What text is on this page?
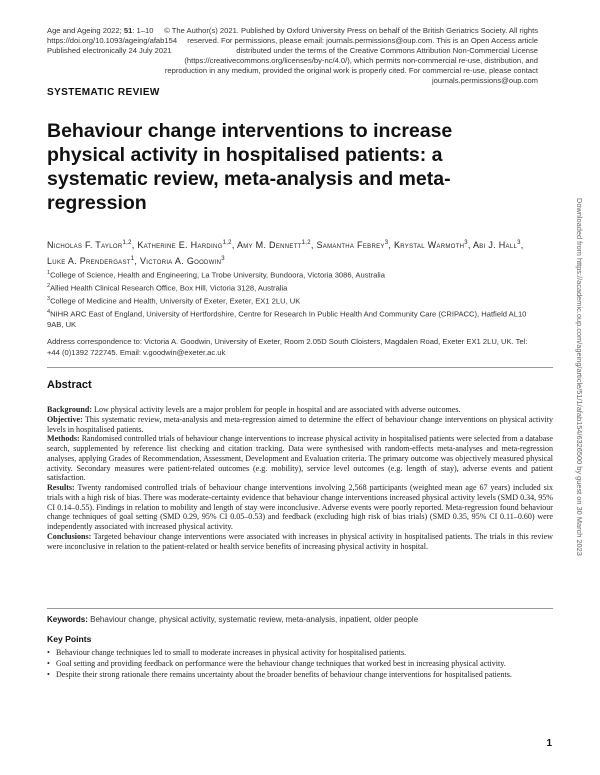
Age and Ageing 2022; 51: 1–10
https://doi.org/10.1093/ageing/afab154
Published electronically 24 July 2021
© The Author(s) 2021. Published by Oxford University Press on behalf of the British Geriatrics Society. All rights reserved. For permissions, please email: journals.permissions@oup.com. This is an Open Access article distributed under the terms of the Creative Commons Attribution Non-Commercial License (https://creativecommons.org/licenses/by-nc/4.0/), which permits non-commercial re-use, distribution, and reproduction in any medium, provided the original work is properly cited. For commercial re-use, please contact journals.permissions@oup.com
SYSTEMATIC REVIEW
Behaviour change interventions to increase physical activity in hospitalised patients: a systematic review, meta-analysis and meta-regression
Nicholas F. Taylor$^{1,2}$, Katherine E. Harding$^{1,2}$, Amy M. Dennett$^{1,2}$, Samantha Febrey$^3$, Krystal Warmoth$^3$, Abi J. Hall$^3$, Luke A. Prendergast$^1$, Victoria A. Goodwin$^3$
$^1$College of Science, Health and Engineering, La Trobe University, Bundoora, Victoria 3086, Australia
$^2$Allied Health Clinical Research Office, Box Hill, Victoria 3128, Australia
$^3$College of Medicine and Health, University of Exeter, Exeter, EX1 2LU, UK
$^4$NIHR ARC East of England, University of Hertfordshire, Centre for Research In Public Health And Community Care (CRIPACC), Hatfield AL10 9AB, UK
Address correspondence to: Victoria A. Goodwin, University of Exeter, Room 2.05D South Cloisters, Magdalen Road, Exeter EX1 2LU, UK. Tel: +44 (0)1392 722745. Email: v.goodwin@exeter.ac.uk
Abstract

Background: Low physical activity levels are a major problem for people in hospital and are associated with adverse outcomes.

Objective: This systematic review, meta-analysis and meta-regression aimed to determine the effect of behaviour change interventions on physical activity levels in hospitalised patients.

Methods: Randomised controlled trials of behaviour change interventions to increase physical activity in hospitalised patients were selected from a database search, supplemented by reference list checking and citation tracking. Data were synthesised with random-effects meta-analyses and meta-regression analyses, applying Grades of Recommendation, Assessment, Development and Evaluation criteria. The primary outcome was objectively measured physical activity. Secondary measures were patient-related outcomes (e.g. mobility), service level outcomes (e.g. length of stay), adverse events and patient satisfaction.

Results: Twenty randomised controlled trials of behaviour change interventions involving 2,568 participants (weighted mean age 67 years) included six trials with a high risk of bias. There was moderate-certainty evidence that behaviour change interventions increased physical activity levels (SMD 0.34, 95% CI 0.14–0.55). Findings in relation to mobility and length of stay were inconclusive. Adverse events were poorly reported. Meta-regression found behaviour change techniques of goal setting (SMD 0.29, 95% CI 0.05–0.53) and feedback (excluding high risk of bias trials) (SMD 0.35, 95% CI 0.11–0.60) were independently associated with increased physical activity.

Conclusions: Targeted behaviour change interventions were associated with increases in physical activity in hospitalised patients. The trials in this review were inconclusive in relation to the patient-related or health service benefits of increasing physical activity in hospital.

Keywords: Behaviour change, physical activity, systematic review, meta-analysis, inpatient, older people
Key Points
• Behaviour change techniques led to small to moderate increases in physical activity for hospitalised patients.
• Goal setting and providing feedback on performance were the behaviour change techniques that worked best in increasing physical activity.
• Despite their strong rationale there remains uncertainty about the broader benefits of behaviour change interventions for hospitalised patients.
1
Downloaded from https://academic.oup.com/ageing/article/51/1/afab154/6326500 by guest on 30 March 2023
